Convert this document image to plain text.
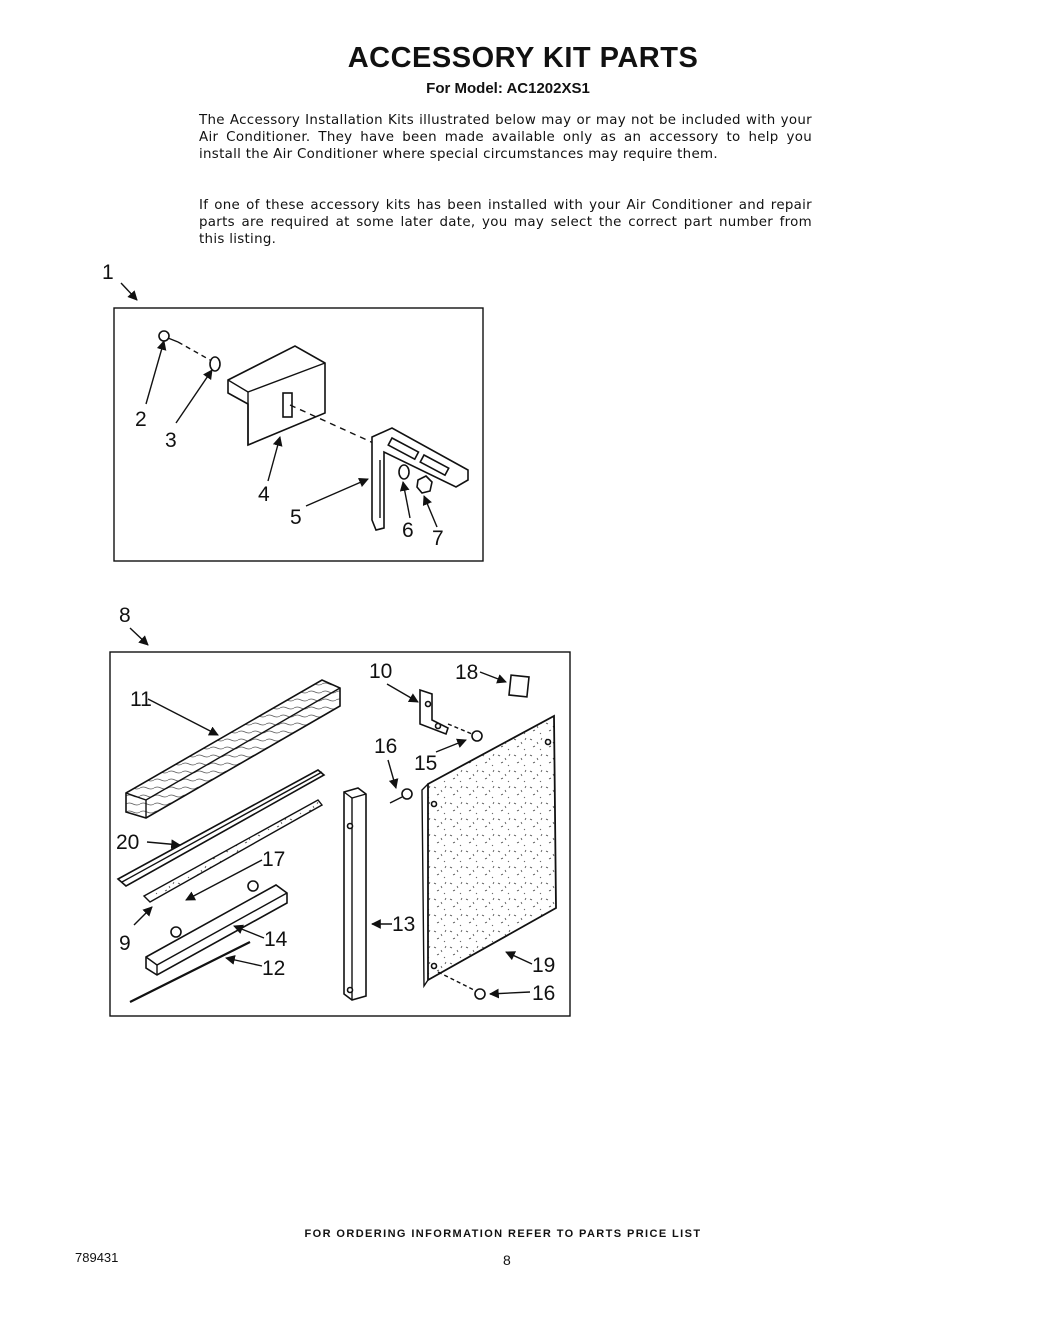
ACCESSORY KIT PARTS
For Model: AC1202XS1

The Accessory Installation Kits illustrated below may or may not be included with your Air Conditioner. They have been made available only as an accessory to help you install the Air Conditioner where special circumstances may require them.

If one of these accessory kits has been installed with your Air Conditioner and repair parts are required at some later date, you may select the correct part number from this listing.

1
2
3
4
5
6 7
8
11
10	18
16
15
20
17
9	14
12
13
19
16
FOR ORDERING INFORMATION REFER TO PARTS PRICE LIST
789431	8
